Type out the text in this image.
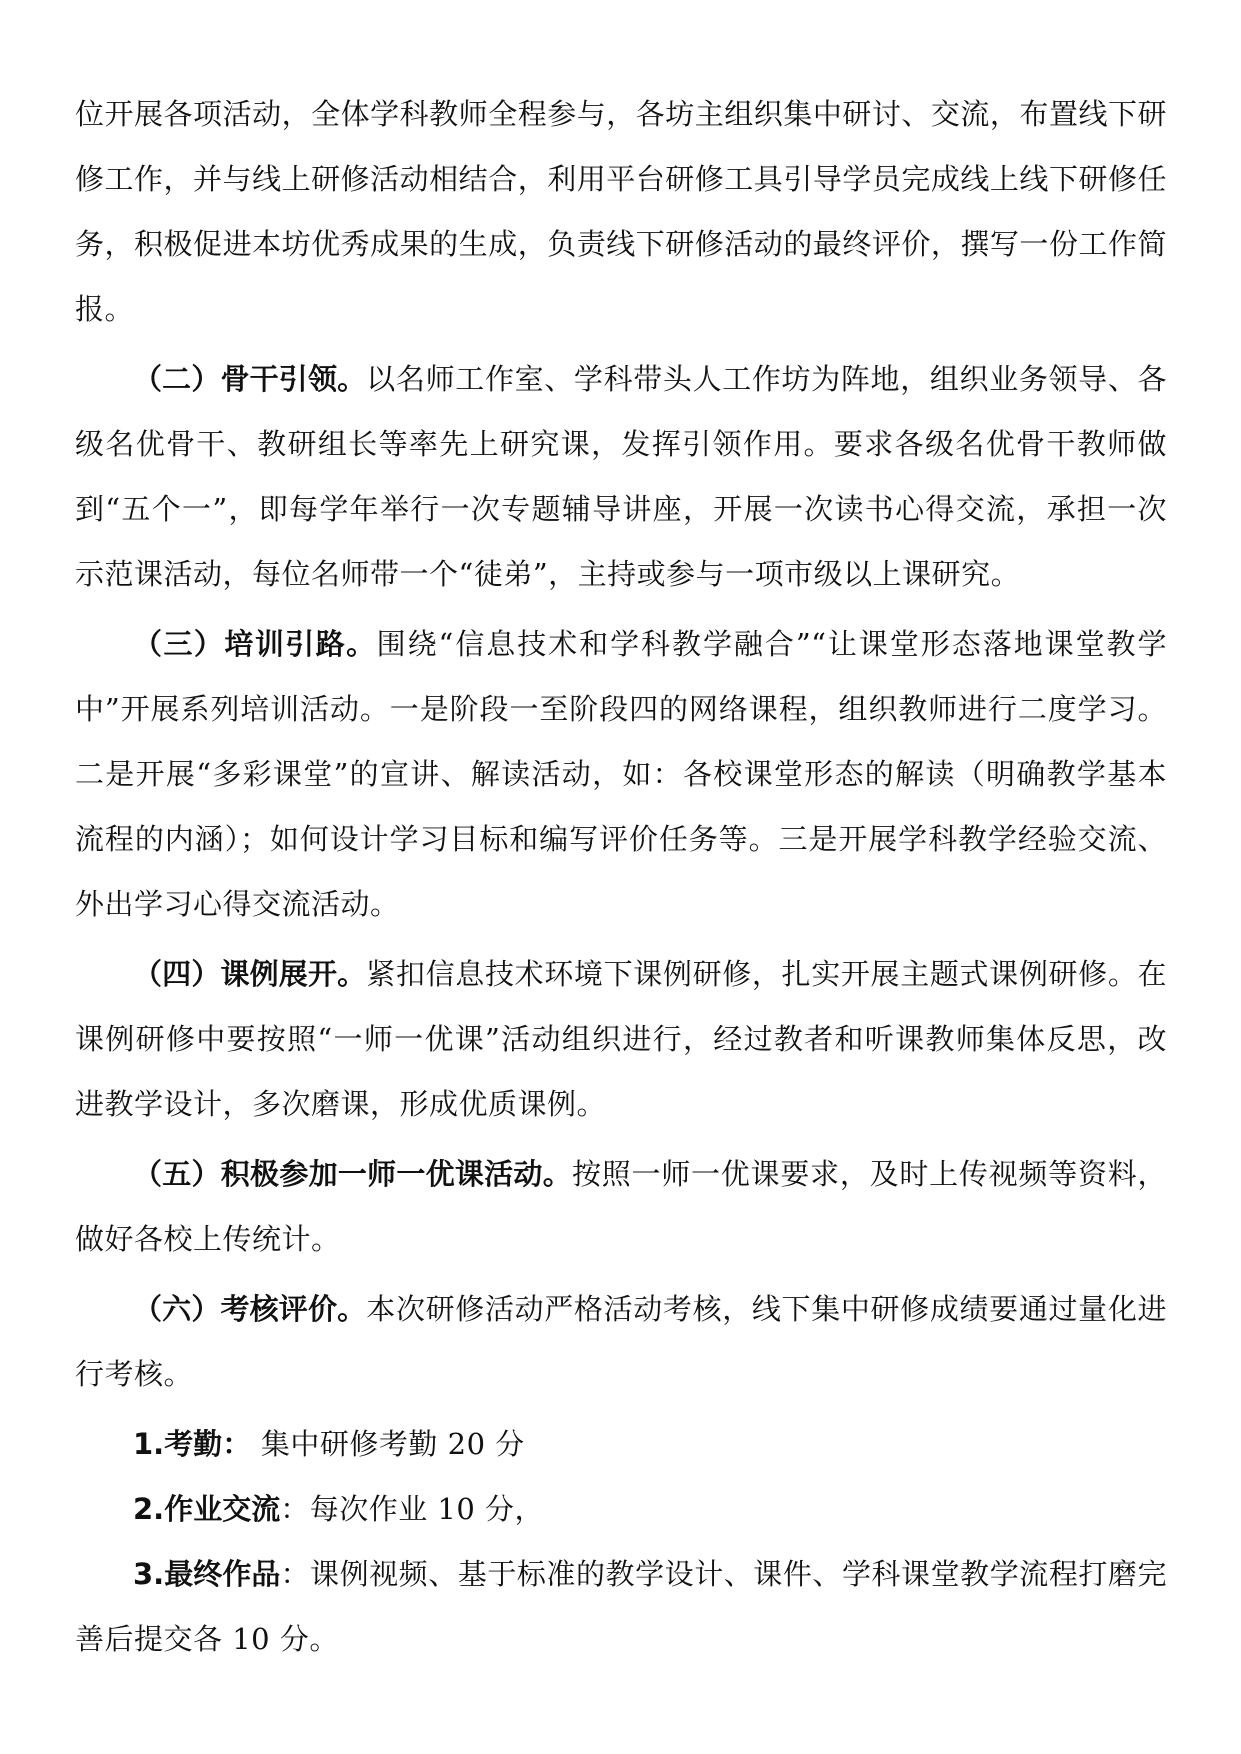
位开展各项活动，全体学科教师全程参与，各坊主组织集中研讨、交流，布置线下研修工作，并与线上研修活动相结合，利用平台研修工具引导学员完成线上线下研修任务，积极促进本坊优秀成果的生成，负责线下研修活动的最终评价，撰写一份工作简报。

（二）骨干引领。以名师工作室、学科带头人工作坊为阵地，组织业务领导、各级名优骨干、教研组长等率先上研究课，发挥引领作用。要求各级名优骨干教师做到“五个一”，即每学年举行一次专题辅导讲座，开展一次读书心得交流，承担一次示范课活动，每位名师带一个“徒弟”，主持或参与一项市级以上课研究。

（三）培训引路。围绕“信息技术和学科教学融合”“让课堂形态落地课堂教学中”开展系列培训活动。一是阶段一至阶段四的网络课程，组织教师进行二度学习。二是开展“多彩课堂”的宣讲、解读活动，如：各校课堂形态的解读（明确教学基本流程的内涵）；如何设计学习目标和编写评价任务等。三是开展学科教学经验交流、外出学习心得交流活动。

（四）课例展开。紧扣信息技术环境下课例研修，扎实开展主题式课例研修。在课例研修中要按照“一师一优课”活动组织进行，经过教者和听课教师集体反思，改进教学设计，多次磨课，形成优质课例。

（五）积极参加一师一优课活动。按照一师一优课要求，及时上传视频等资料，做好各校上传统计。

（六）考核评价。本次研修活动严格活动考核，线下集中研修成绩要通过量化进行考核。

1.考勤： 集中研修考勤 20 分

2.作业交流：每次作业 10 分，

3.最终作品：课例视频、基于标准的教学设计、课件、学科课堂教学流程打磨完善后提交各 10 分。
